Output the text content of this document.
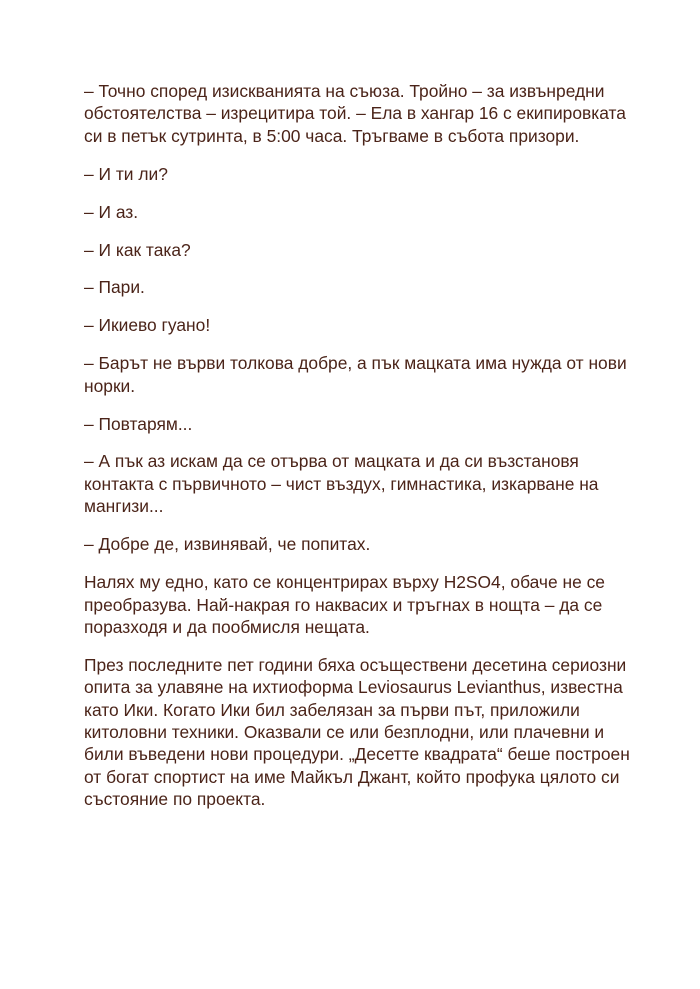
– Точно според изискванията на съюза. Тройно – за извънредни обстоятелства – изрецитира той. – Ела в хангар 16 с екипировката си в петък сутринта, в 5:00 часа. Тръгваме в събота призори.

– И ти ли?

– И аз.

– И как така?

– Пари.

– Икиево гуано!

– Барът не върви толкова добре, а пък мацката има нужда от нови норки.

– Повтарям...

– А пък аз искам да се отърва от мацката и да си възстановя контакта с първичното – чист въздух, гимнастика, изкарване на мангизи...

– Добре де, извинявай, че попитах.

Налях му едно, като се концентрирах върху H2SO4, обаче не се преобразува. Най-накрая го наквасих и тръгнах в нощта – да се поразходя и да пообмисля нещата.

През последните пет години бяха осъществени десетина сериозни опита за улавяне на ихтиоформа Leviosaurus Levianthus, известна като Ики. Когато Ики бил забелязан за първи път, приложили китоловни техники. Оказвали се или безплодни, или плачевни и били въведени нови процедури. „Десетте квадрата“ беше построен от богат спортист на име Майкъл Джант, който профука цялото си състояние по проекта.
